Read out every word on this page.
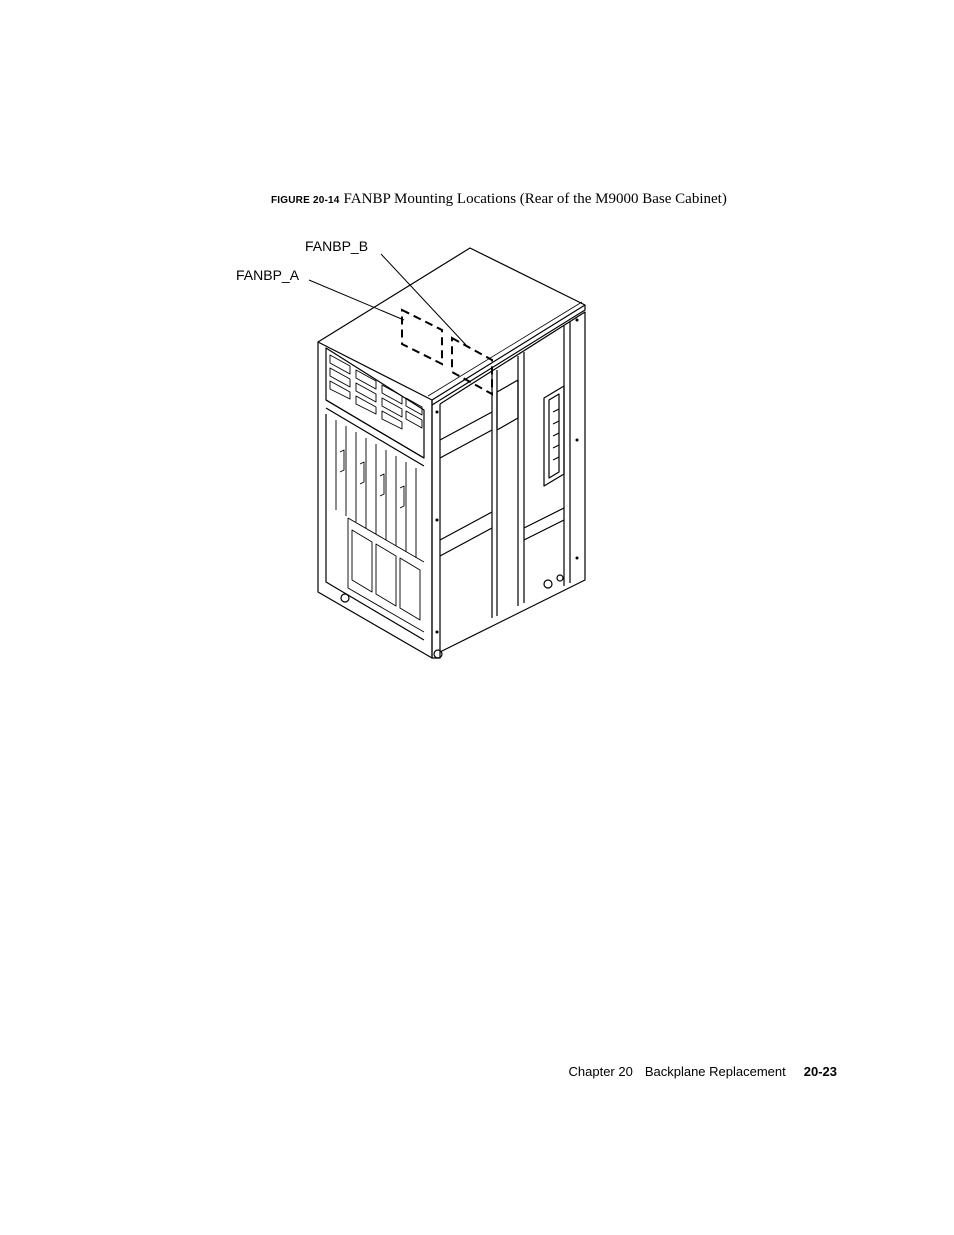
FIGURE 20-14 FANBP Mounting Locations (Rear of the M9000 Base Cabinet)
FANBP_B
FANBP_A
Chapter 20 Backplane Replacement 20-23
